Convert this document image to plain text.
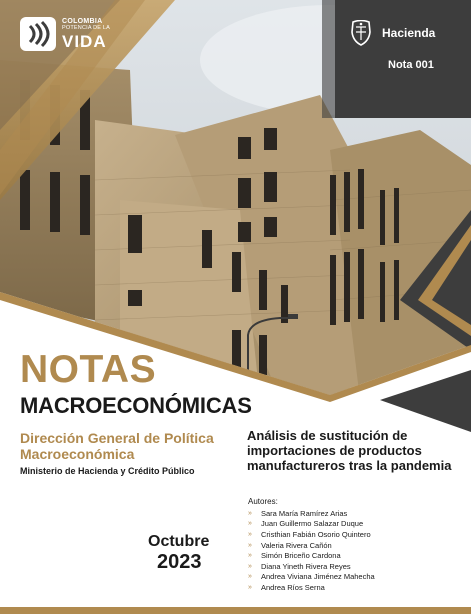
COLOMBIA
POTENCIA DE LA
VIDA	Hacienda
Nota 001
NOTAS
MACROECONÓMICAS
Dirección General de Política Macroeconómica
Ministerio de Hacienda y Crédito Público
Análisis de sustitución de importaciones de productos manufactureros tras la pandemia
Autores:
»	Sara María Ramírez Arias
»	Juan Guillermo Salazar Duque
»	Cristhian Fabián Osorio Quintero
»	Valeria Rivera Cañón
»	Simón Briceño Cardona
»	Diana Yineth Rivera Reyes
»	Andrea Viviana Jiménez Mahecha
»	Andrea Ríos Serna
Octubre
2023
